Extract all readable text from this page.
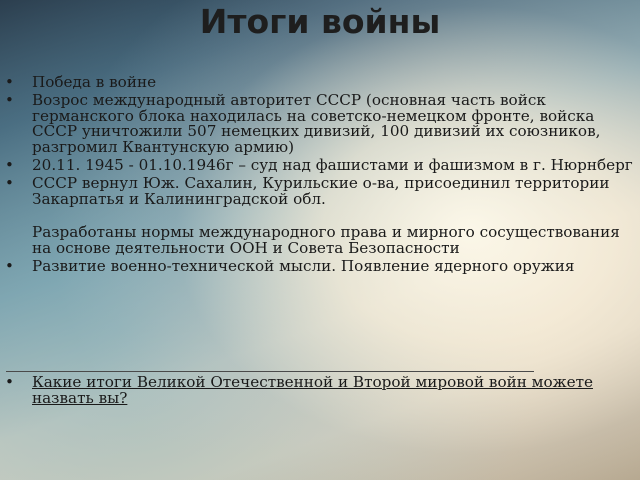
Итоги войны
• Победа в войне
• Возрос международный авторитет СССР (основная часть войск германского блока находилась на советско-немецком фронте, войска СССР уничтожили 507 немецких дивизий, 100 дивизий их союзников, разгромил Квантунскую армию)
• 20.11. 1945 - 01.10.1946г – суд над фашистами и фашизмом в г. Нюрнберг
• СССР вернул Юж. Сахалин, Курильские о-ва, присоединил территории Закарпатья и Калининградской обл.
Разработаны нормы международного права и мирного сосуществования на основе деятельности ООН и Совета Безопасности
• Развитие военно-технической мысли. Появление ядерного оружия
• Какие итоги Великой Отечественной и Второй мировой войн можете назвать вы?
